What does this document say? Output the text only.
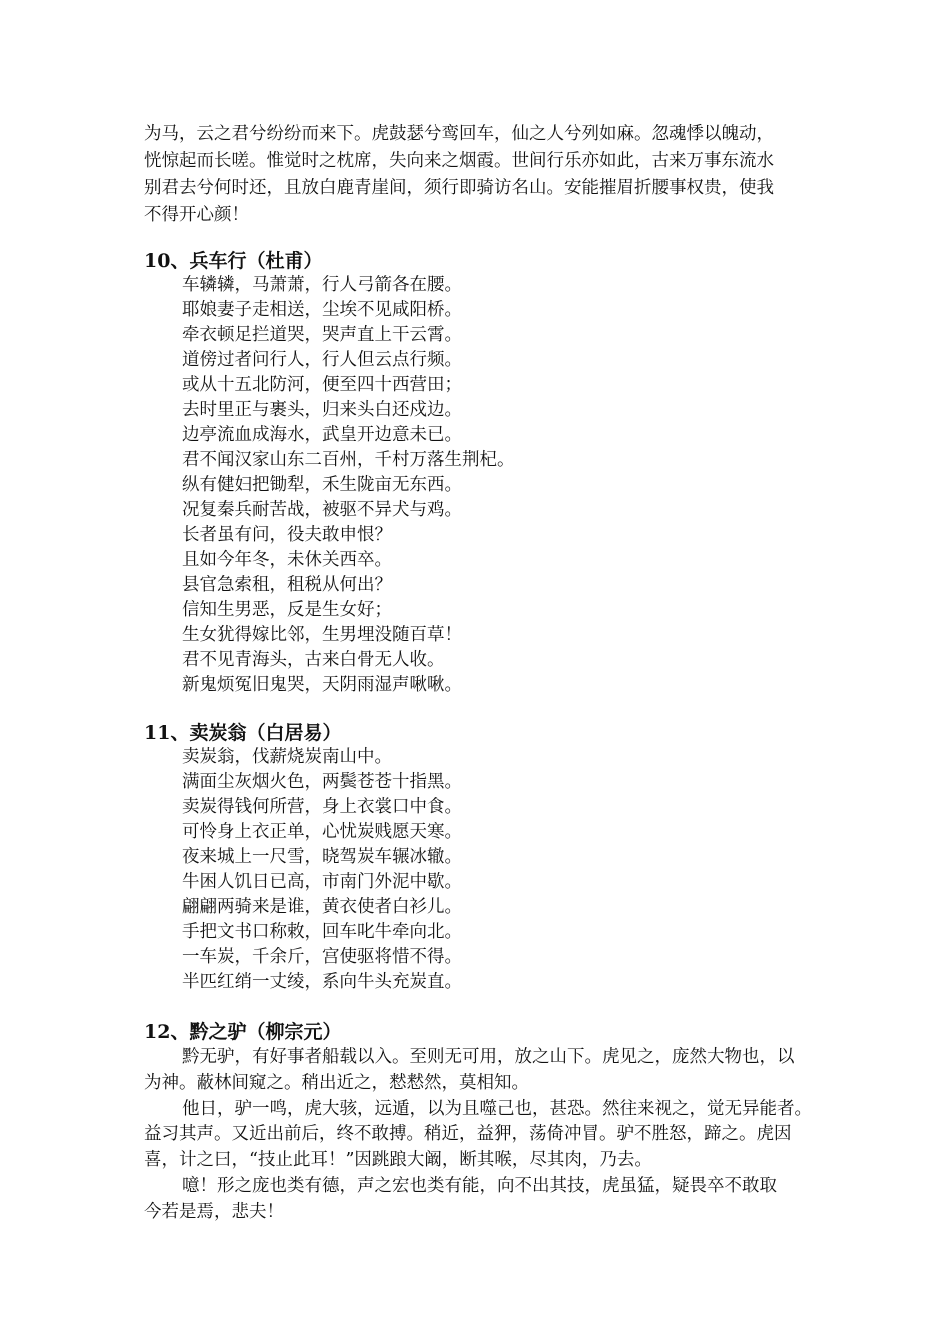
为马，云之君兮纷纷而来下。虎鼓瑟兮鸾回车，仙之人兮列如麻。忽魂悸以魄动，

恍惊起而长嗟。惟觉时之枕席，失向来之烟霞。世间行乐亦如此，古来万事东流水

别君去兮何时还，且放白鹿青崖间，须行即骑访名山。安能摧眉折腰事权贵，使我

不得开心颜！

10、兵车行（杜甫）
车辚辚，马萧萧，行人弓箭各在腰。
耶娘妻子走相送，尘埃不见咸阳桥。
牵衣顿足拦道哭，哭声直上干云霄。
道傍过者问行人，行人但云点行频。
或从十五北防河，便至四十西营田；
去时里正与裹头，归来头白还戍边。
边亭流血成海水，武皇开边意未已。
君不闻汉家山东二百州，千村万落生荆杞。
纵有健妇把锄犁，禾生陇亩无东西。
况复秦兵耐苦战，被驱不异犬与鸡。
长者虽有问，役夫敢申恨？
且如今年冬，未休关西卒。
县官急索租，租税从何出？
信知生男恶，反是生女好；
生女犹得嫁比邻，生男埋没随百草！
君不见青海头，古来白骨无人收。
新鬼烦冤旧鬼哭，天阴雨湿声啾啾。
11、卖炭翁（白居易）
卖炭翁，伐薪烧炭南山中。
满面尘灰烟火色，两鬓苍苍十指黑。
卖炭得钱何所营，身上衣裳口中食。
可怜身上衣正单，心忧炭贱愿天寒。
夜来城上一尺雪，晓驾炭车辗冰辙。
牛困人饥日已高，市南门外泥中歇。
翩翩两骑来是谁，黄衣使者白衫儿。
手把文书口称敕，回车叱牛牵向北。
一车炭，千余斤，宫使驱将惜不得。
半匹红绡一丈绫，系向牛头充炭直。
12、黔之驴（柳宗元）
黔无驴，有好事者船载以入。至则无可用，放之山下。虎见之，庞然大物也，以
为神。蔽林间窥之。稍出近之，慭慭然，莫相知。
他日，驴一鸣，虎大骇，远遁，以为且噬己也，甚恐。然往来视之，觉无异能者。
益习其声。又近出前后，终不敢搏。稍近，益狎，荡倚冲冒。驴不胜怒，蹄之。虎因
喜，计之曰，“技止此耳！”因跳踉大阚，断其喉，尽其肉，乃去。
噫！形之庞也类有德，声之宏也类有能，向不出其技，虎虽猛，疑畏卒不敢取
今若是焉，悲夫！
